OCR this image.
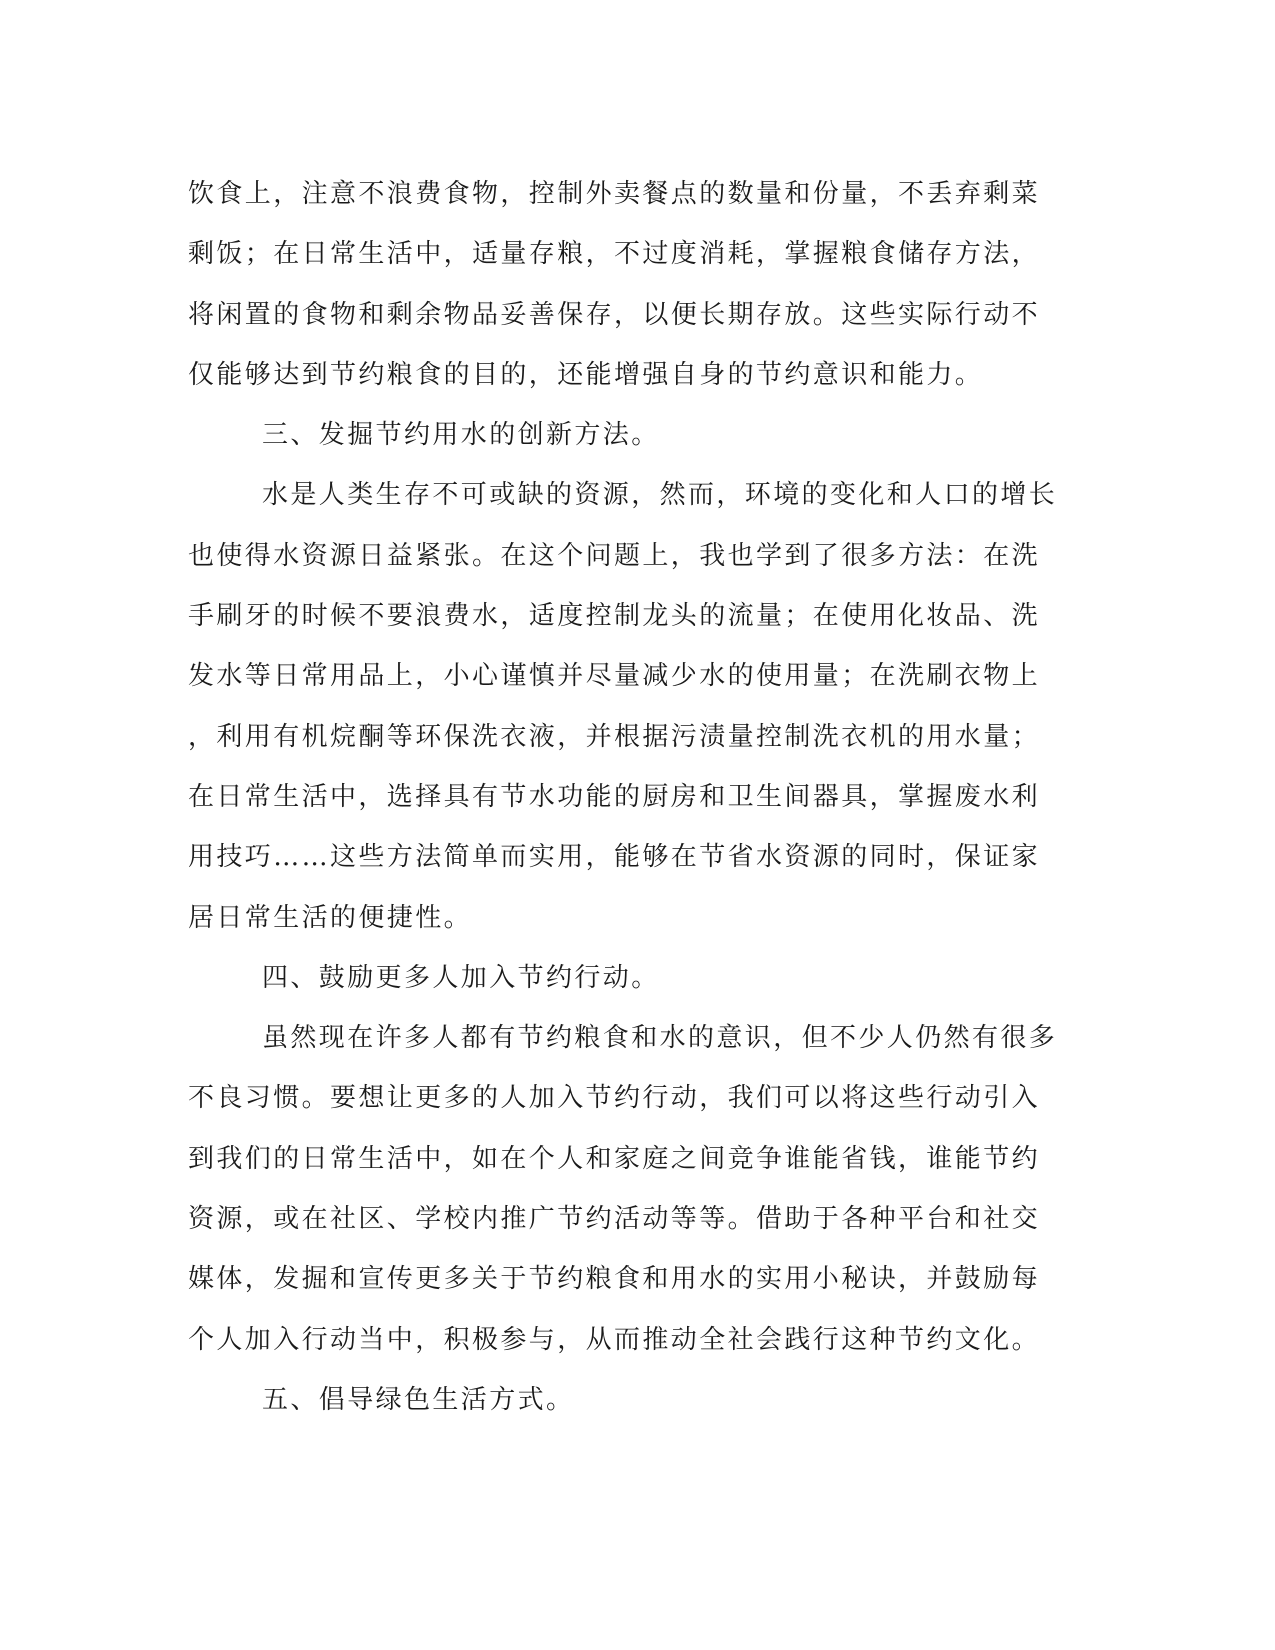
饮食上，注意不浪费食物，控制外卖餐点的数量和份量，不丢弃剩菜
剩饭；在日常生活中，适量存粮，不过度消耗，掌握粮食储存方法，
将闲置的食物和剩余物品妥善保存，以便长期存放。这些实际行动不
仅能够达到节约粮食的目的，还能增强自身的节约意识和能力。
三、发掘节约用水的创新方法。
水是人类生存不可或缺的资源，然而，环境的变化和人口的增长
也使得水资源日益紧张。在这个问题上，我也学到了很多方法：在洗
手刷牙的时候不要浪费水，适度控制龙头的流量；在使用化妆品、洗
发水等日常用品上，小心谨慎并尽量减少水的使用量；在洗刷衣物上
，利用有机烷酮等环保洗衣液，并根据污渍量控制洗衣机的用水量；
在日常生活中，选择具有节水功能的厨房和卫生间器具，掌握废水利
用技巧……这些方法简单而实用，能够在节省水资源的同时，保证家
居日常生活的便捷性。
四、鼓励更多人加入节约行动。
虽然现在许多人都有节约粮食和水的意识，但不少人仍然有很多
不良习惯。要想让更多的人加入节约行动，我们可以将这些行动引入
到我们的日常生活中，如在个人和家庭之间竞争谁能省钱，谁能节约
资源，或在社区、学校内推广节约活动等等。借助于各种平台和社交
媒体，发掘和宣传更多关于节约粮食和用水的实用小秘诀，并鼓励每
个人加入行动当中，积极参与，从而推动全社会践行这种节约文化。
五、倡导绿色生活方式。
